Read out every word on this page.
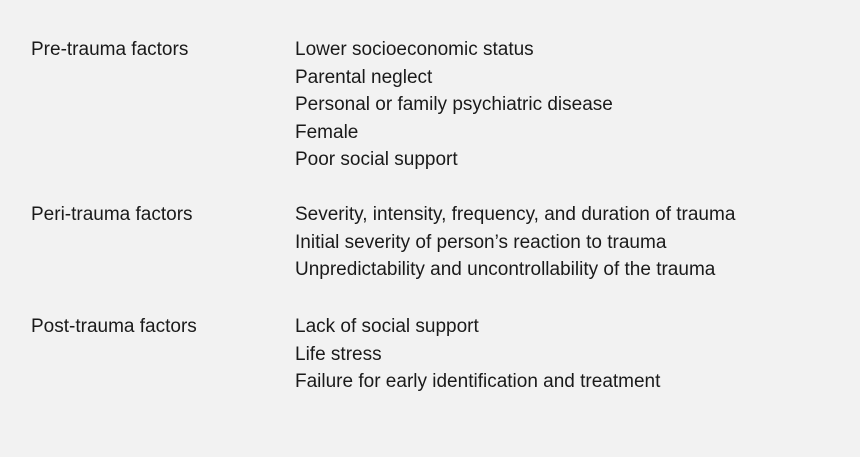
Pre-trauma factors	Lower socioeconomic status
Parental neglect
Personal or family psychiatric disease
Female
Poor social support
Peri-trauma factors	Severity, intensity, frequency, and duration of trauma
Initial severity of person’s reaction to trauma
Unpredictability and uncontrollability of the trauma
Post-trauma factors	Lack of social support
Life stress
Failure for early identification and treatment
